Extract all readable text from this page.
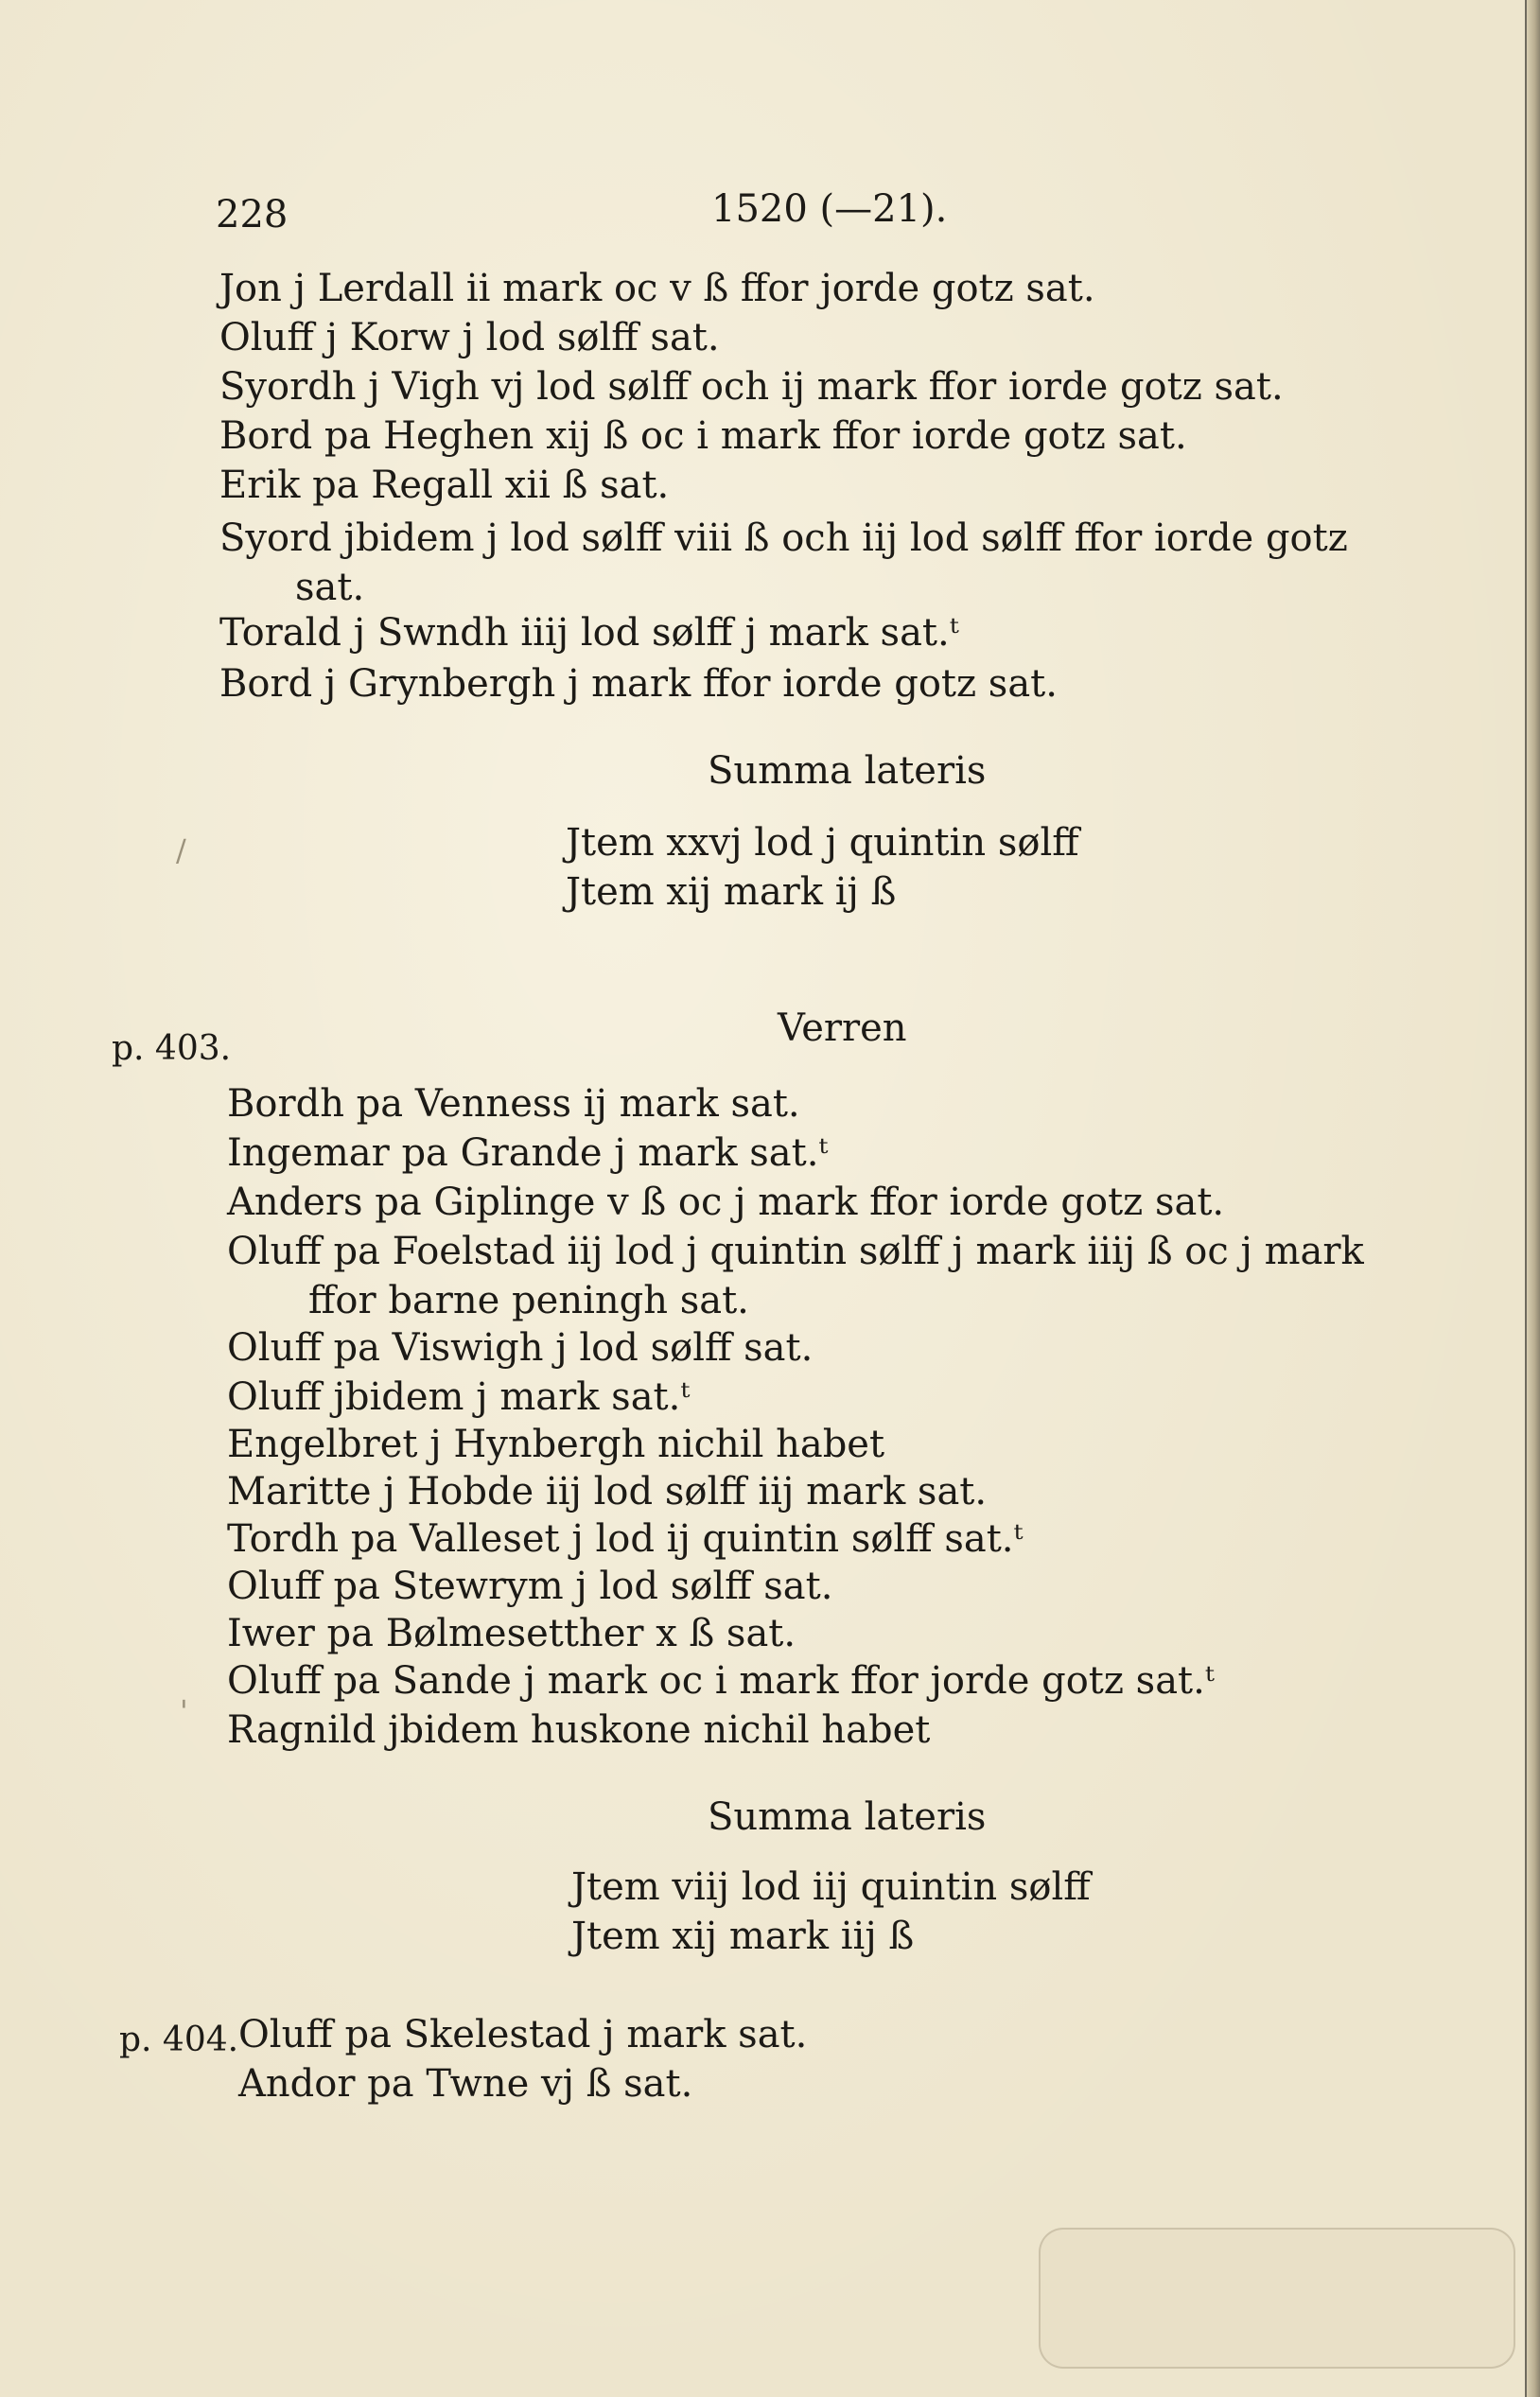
228	1520 (—21).
Jon j Lerdall ii mark oc v ß ffor jorde gotz sat.
Oluff j Korw j lod sølff sat.
Syordh j Vigh vj lod sølff och ij mark ffor iorde gotz sat.
Bord pa Heghen xij ß oc i mark ffor iorde gotz sat.
Erik pa Regall xii ß sat.
Syord jbidem j lod sølff viii ß och iij lod sølff ffor iorde gotz
sat.
Torald j Swndh iiij lod sølff j mark sat.ᵗ
Bord j Grynbergh j mark ffor iorde gotz sat.
Summa lateris
/	Jtem xxvj lod j quintin sølff
Jtem xij mark ij ß
p. 403.	Verren
Bordh pa Venness ij mark sat.
Ingemar pa Grande j mark sat.ᵗ
Anders pa Giplinge v ß oc j mark ffor iorde gotz sat.
Oluff pa Foelstad iij lod j quintin sølff j mark iiij ß oc j mark
ffor barne peningh sat.
Oluff pa Viswigh j lod sølff sat.
Oluff jbidem j mark sat.ᵗ
Engelbret j Hynbergh nichil habet
Maritte j Hobde iij lod sølff iij mark sat.
Tordh pa Valleset j lod ij quintin sølff sat.ᵗ
Oluff pa Stewrym j lod sølff sat.
Iwer pa Bølmesetther x ß sat.
'
Oluff pa Sande j mark oc i mark ffor jorde gotz sat.ᵗ
Ragnild jbidem huskone nichil habet
Summa lateris
Jtem viij lod iij quintin sølff
Jtem xij mark iij ß
p. 404. Oluff pa Skelestad j mark sat.
Andor pa Twne vj ß sat.
